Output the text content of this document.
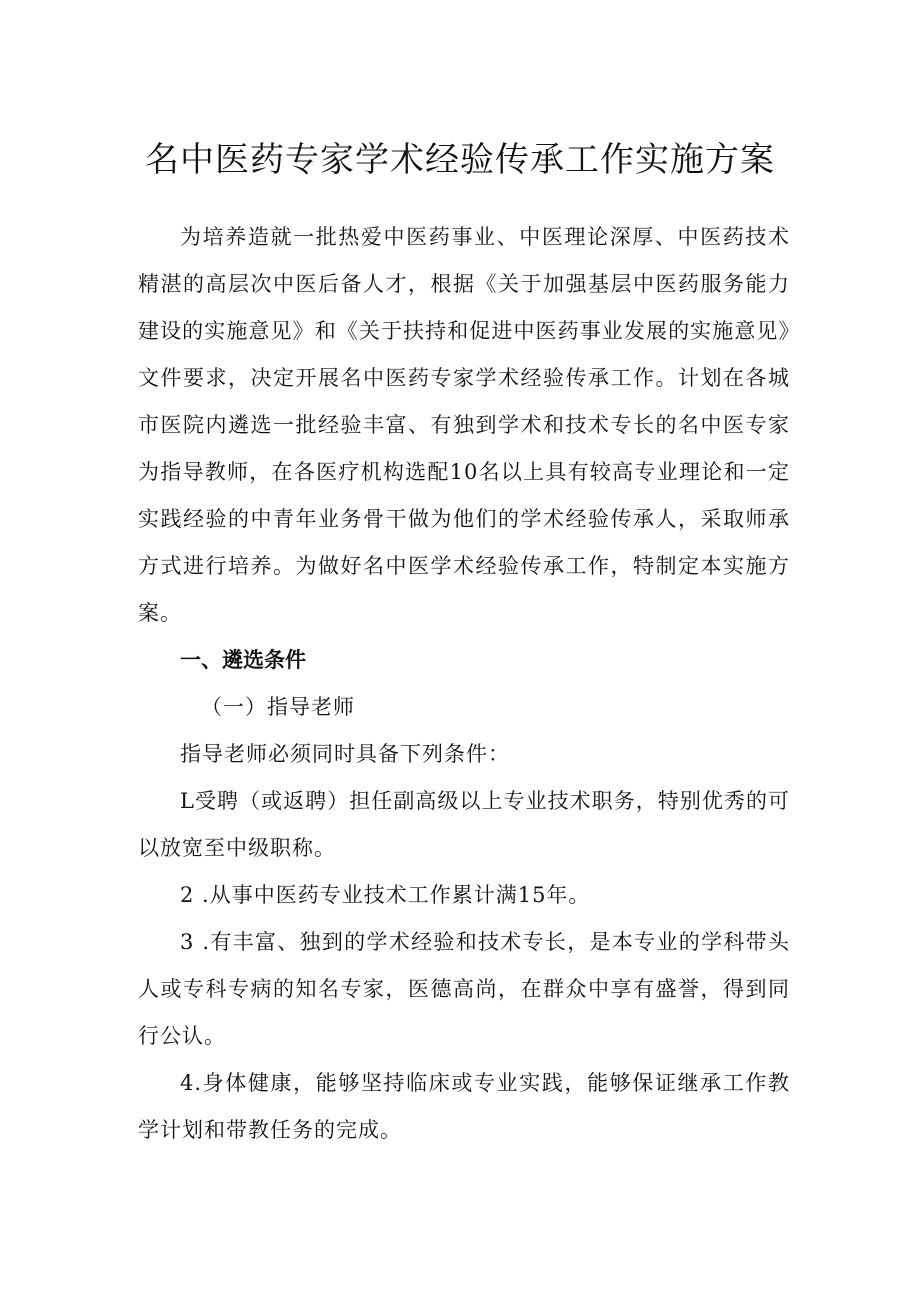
名中医药专家学术经验传承工作实施方案

为培养造就一批热爱中医药事业、中医理论深厚、中医药技术精湛的高层次中医后备人才，根据《关于加强基层中医药服务能力建设的实施意见》和《关于扶持和促进中医药事业发展的实施意见》文件要求，决定开展名中医药专家学术经验传承工作。计划在各城市医院内遴选一批经验丰富、有独到学术和技术专长的名中医专家为指导教师，在各医疗机构选配10名以上具有较高专业理论和一定实践经验的中青年业务骨干做为他们的学术经验传承人，采取师承方式进行培养。为做好名中医学术经验传承工作，特制定本实施方案。

一、遴选条件

（一）指导老师

指导老师必须同时具备下列条件：

L受聘（或返聘）担任副高级以上专业技术职务，特别优秀的可以放宽至中级职称。

2 .从事中医药专业技术工作累计满15年。

3 .有丰富、独到的学术经验和技术专长，是本专业的学科带头人或专科专病的知名专家，医德高尚，在群众中享有盛誉，得到同行公认。

4.身体健康，能够坚持临床或专业实践，能够保证继承工作教学计划和带教任务的完成。
